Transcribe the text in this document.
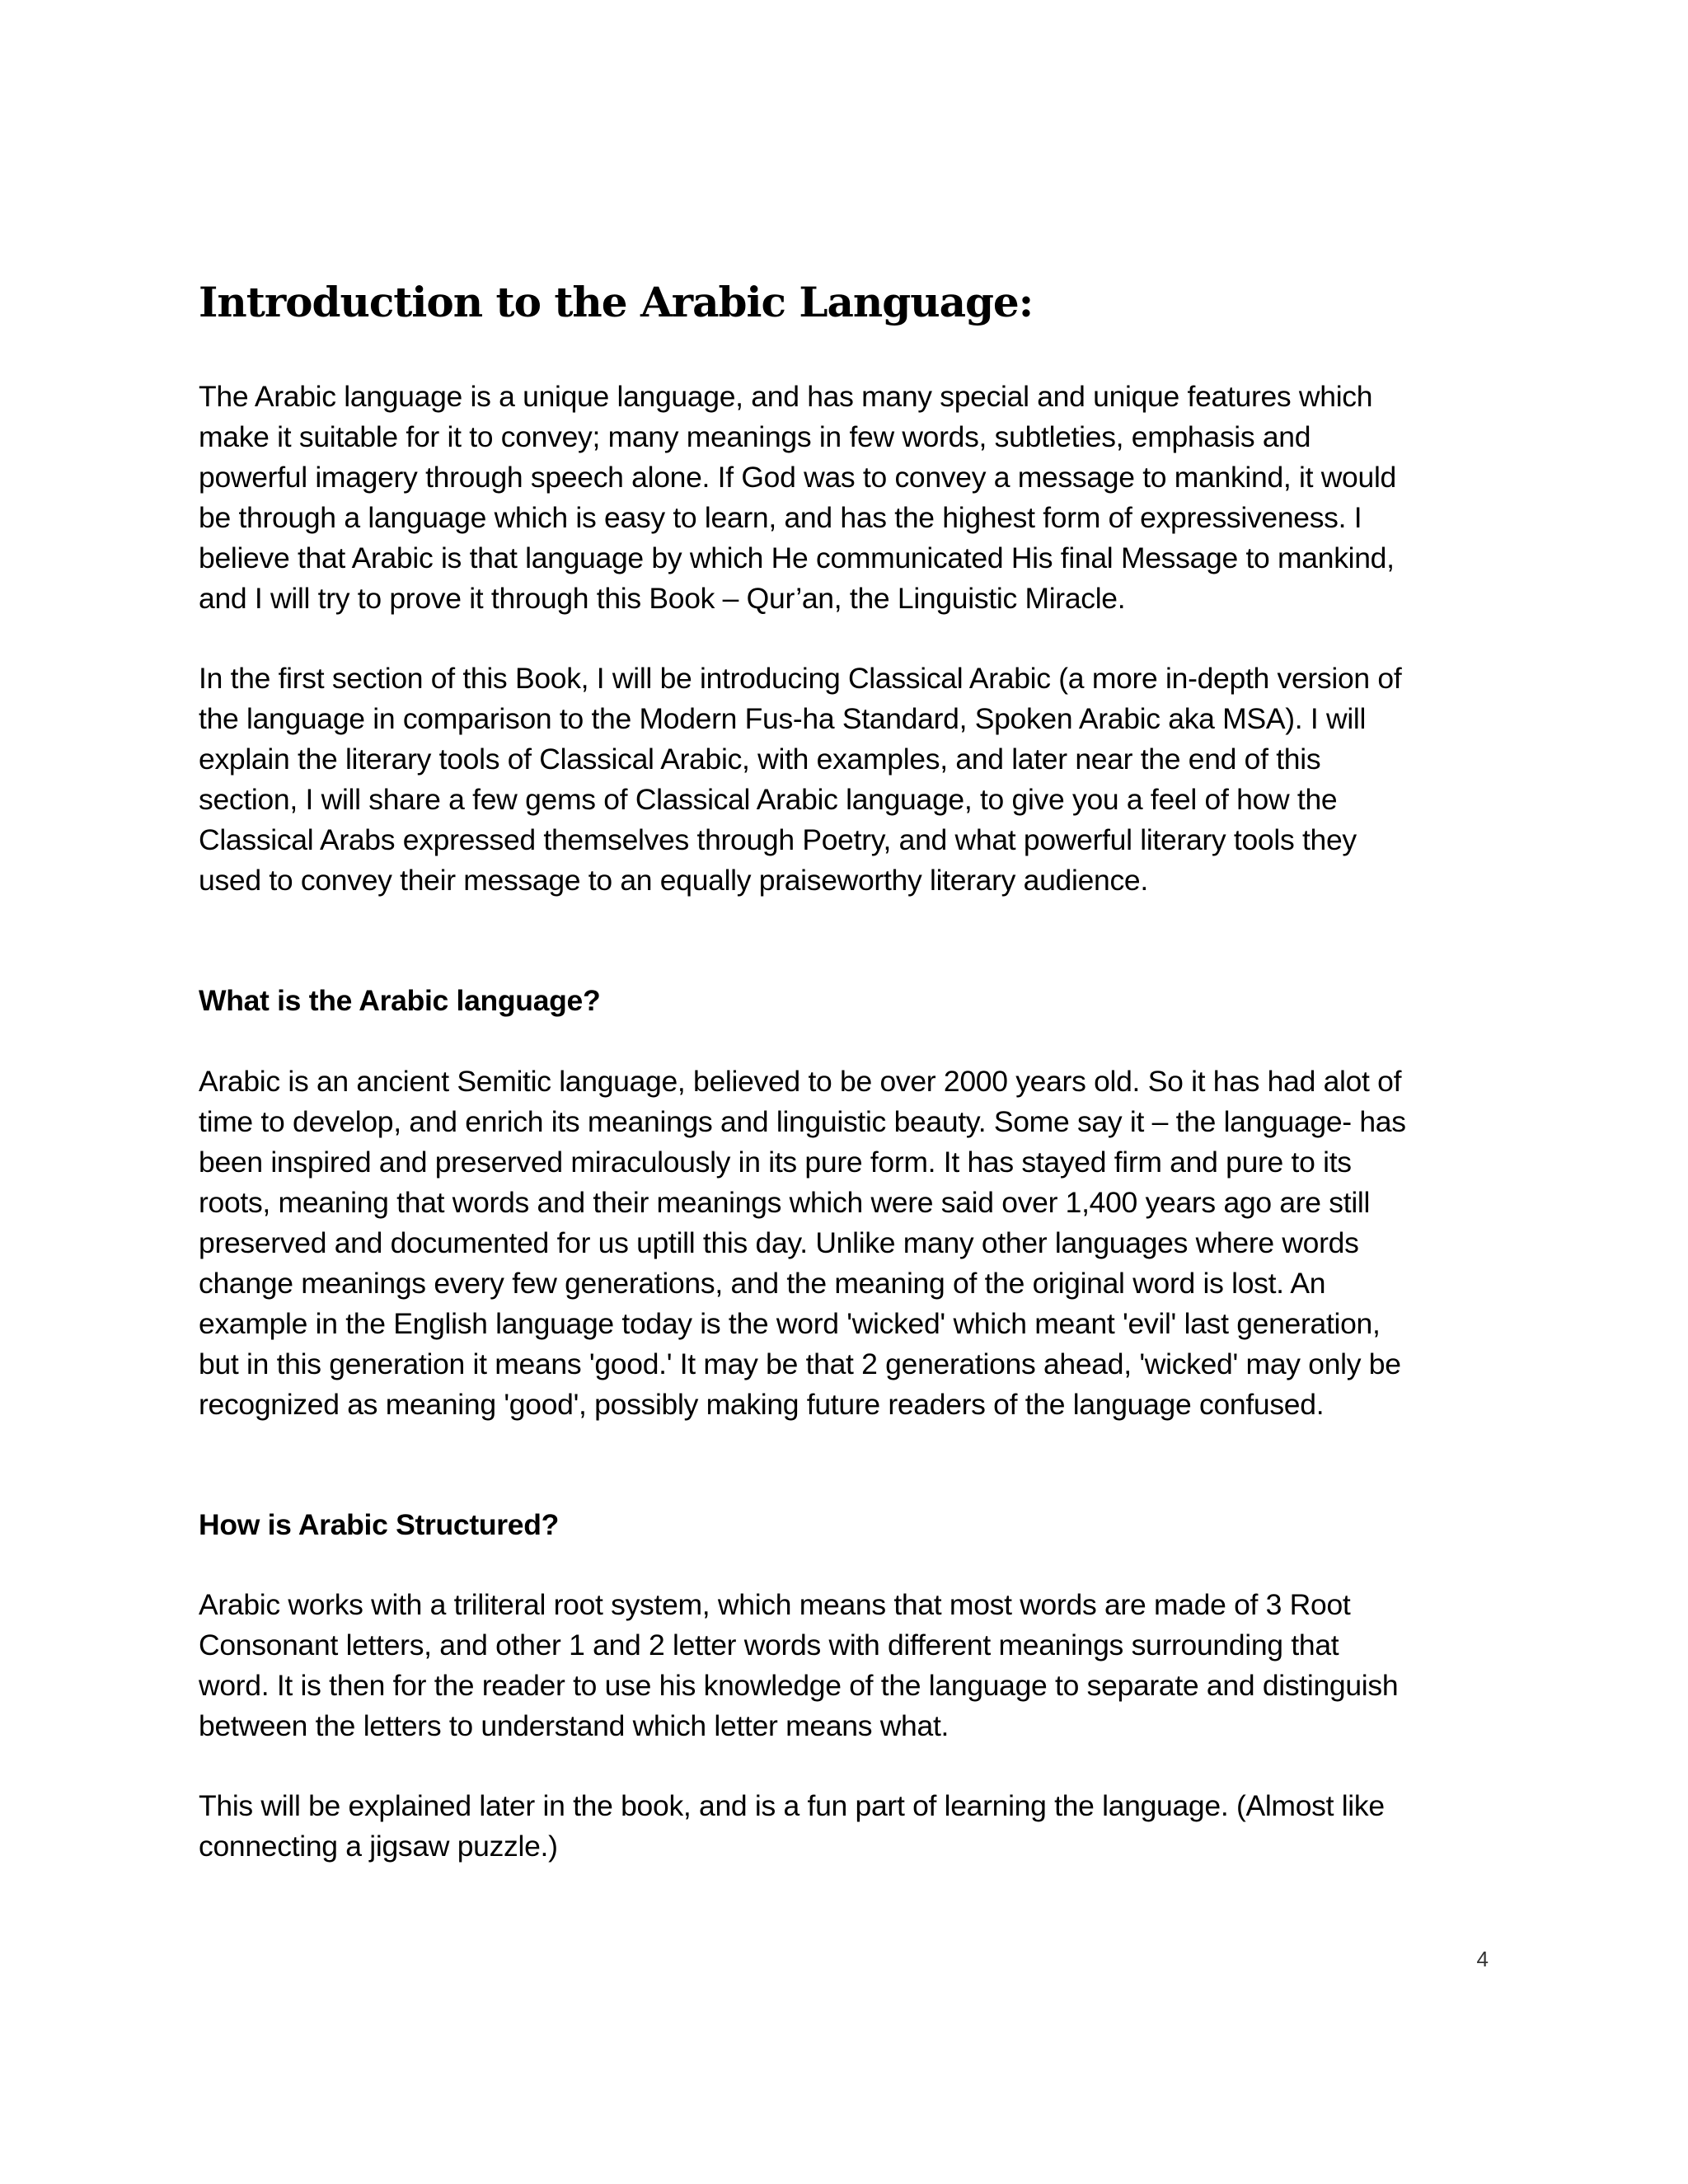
Introduction to the Arabic Language:

The Arabic language is a unique language, and has many special and unique features which
make it suitable for it to convey; many meanings in few words, subtleties, emphasis and
powerful imagery through speech alone. If God was to convey a message to mankind, it would
be through a language which is easy to learn, and has the highest form of expressiveness. I
believe that Arabic is that language by which He communicated His final Message to mankind,
and I will try to prove it through this Book – Qur’an, the Linguistic Miracle.

In the first section of this Book, I will be introducing Classical Arabic (a more in-depth version of
the language in comparison to the Modern Fus-ha Standard, Spoken Arabic aka MSA). I will
explain the literary tools of Classical Arabic, with examples, and later near the end of this
section, I will share a few gems of Classical Arabic language, to give you a feel of how the
Classical Arabs expressed themselves through Poetry, and what powerful literary tools they
used to convey their message to an equally praiseworthy literary audience.

What is the Arabic language?

Arabic is an ancient Semitic language, believed to be over 2000 years old. So it has had alot of
time to develop, and enrich its meanings and linguistic beauty. Some say it – the language- has
been inspired and preserved miraculously in its pure form. It has stayed firm and pure to its
roots, meaning that words and their meanings which were said over 1,400 years ago are still
preserved and documented for us uptill this day. Unlike many other languages where words
change meanings every few generations, and the meaning of the original word is lost. An
example in the English language today is the word 'wicked' which meant 'evil' last generation,
but in this generation it means 'good.' It may be that 2 generations ahead, 'wicked' may only be
recognized as meaning 'good', possibly making future readers of the language confused.

How is Arabic Structured?

Arabic works with a triliteral root system, which means that most words are made of 3 Root
Consonant letters, and other 1 and 2 letter words with different meanings surrounding that
word. It is then for the reader to use his knowledge of the language to separate and distinguish
between the letters to understand which letter means what.

This will be explained later in the book, and is a fun part of learning the language. (Almost like
connecting a jigsaw puzzle.)

4
